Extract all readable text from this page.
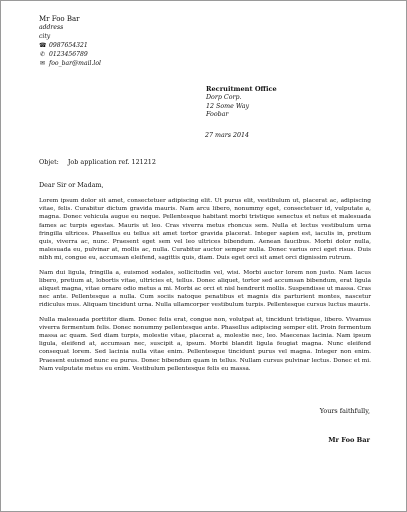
Mr Foo Bar
address
city
☎ 0987654321
✆ 0123456789
✉ foo_bar@mail.lol
Recruitment Office
Dorp Corp.
12 Some Way
Foobar
27 mars 2014
Objet: Job application ref. 121212
Dear Sir or Madam,

Lorem ipsum dolor sit amet, consectetuer adipiscing elit. Ut purus elit, vestibulum ut, placerat ac, adipiscing vitae, felis. Curabitur dictum gravida mauris. Nam arcu libero, nonummy eget, consectetuer id, vulputate a, magna. Donec vehicula augue eu neque. Pellentesque habitant morbi tristique senectus et netus et malesuada fames ac turpis egestas. Mauris ut leo. Cras viverra metus rhoncus sem. Nulla et lectus vestibulum urna fringilla ultrices. Phasellus eu tellus sit amet tortor gravida placerat. Integer sapien est, iaculis in, pretium quis, viverra ac, nunc. Praesent eget sem vel leo ultrices bibendum. Aenean faucibus. Morbi dolor nulla, malesuada eu, pulvinar at, mollis ac, nulla. Curabitur auctor semper nulla. Donec varius orci eget risus. Duis nibh mi, congue eu, accumsan eleifend, sagittis quis, diam. Duis eget orci sit amet orci dignissim rutrum.

Nam dui ligula, fringilla a, euismod sodales, sollicitudin vel, wisi. Morbi auctor lorem non justo. Nam lacus libero, pretium at, lobortis vitae, ultricies et, tellus. Donec aliquet, tortor sed accumsan bibendum, erat ligula aliquet magna, vitae ornare odio metus a mi. Morbi ac orci et nisl hendrerit mollis. Suspendisse ut massa. Cras nec ante. Pellentesque a nulla. Cum sociis natoque penatibus et magnis dis parturient montes, nascetur ridiculus mus. Aliquam tincidunt urna. Nulla ullamcorper vestibulum turpis. Pellentesque cursus luctus mauris.

Nulla malesuada porttitor diam. Donec felis erat, congue non, volutpat at, tincidunt tristique, libero. Vivamus viverra fermentum felis. Donec nonummy pellentesque ante. Phasellus adipiscing semper elit. Proin fermentum massa ac quam. Sed diam turpis, molestie vitae, placerat a, molestie nec, leo. Maecenas lacinia. Nam ipsum ligula, eleifend at, accumsan nec, suscipit a, ipsum. Morbi blandit ligula feugiat magna. Nunc eleifend consequat lorem. Sed lacinia nulla vitae enim. Pellentesque tincidunt purus vel magna. Integer non enim. Praesent euismod nunc eu purus. Donec bibendum quam in tellus. Nullam cursus pulvinar lectus. Donec et mi. Nam vulputate metus eu enim. Vestibulum pellentesque felis eu massa.

Yours faithfully,
Mr Foo Bar
